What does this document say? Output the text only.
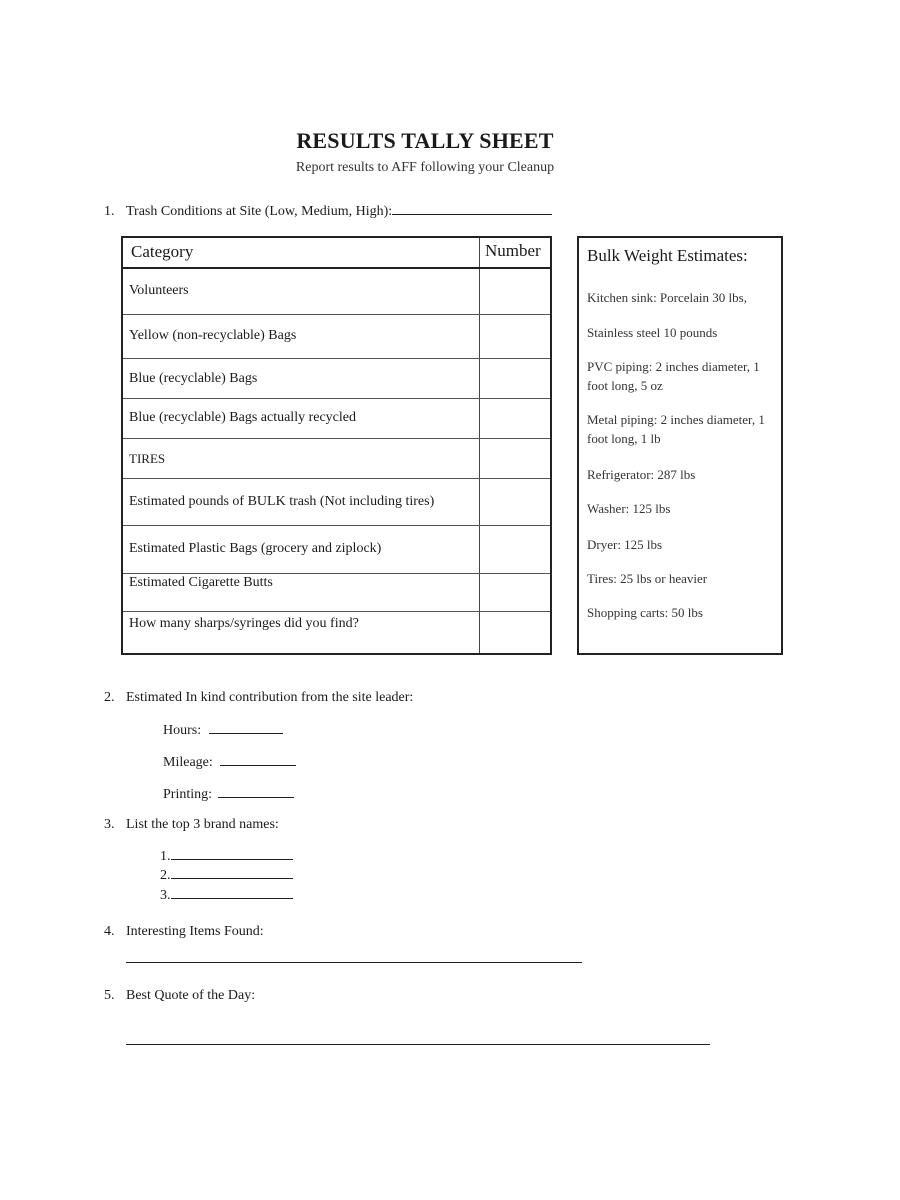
RESULTS TALLY SHEET
Report results to AFF following your Cleanup
1. Trash Conditions at Site (Low, Medium, High):
Category	Number
Volunteers
Yellow (non-recyclable) Bags
Blue (recyclable) Bags
Blue (recyclable) Bags actually recycled
TIRES
Estimated pounds of BULK trash (Not including tires)
Estimated Plastic Bags (grocery and ziplock)
Estimated Cigarette Butts
How many sharps/syringes did you find?
Bulk Weight Estimates:
Kitchen sink: Porcelain 30 lbs,
Stainless steel 10 pounds
PVC piping: 2 inches diameter, 1 foot long, 5 oz
Metal piping: 2 inches diameter, 1 foot long, 1 lb
Refrigerator: 287 lbs
Washer: 125 lbs
Dryer: 125 lbs
Tires: 25 lbs or heavier
Shopping carts: 50 lbs
2. Estimated In kind contribution from the site leader:
Hours:
Mileage:
Printing:
3. List the top 3 brand names:
1.
2.
3.
4. Interesting Items Found:
5. Best Quote of the Day:
